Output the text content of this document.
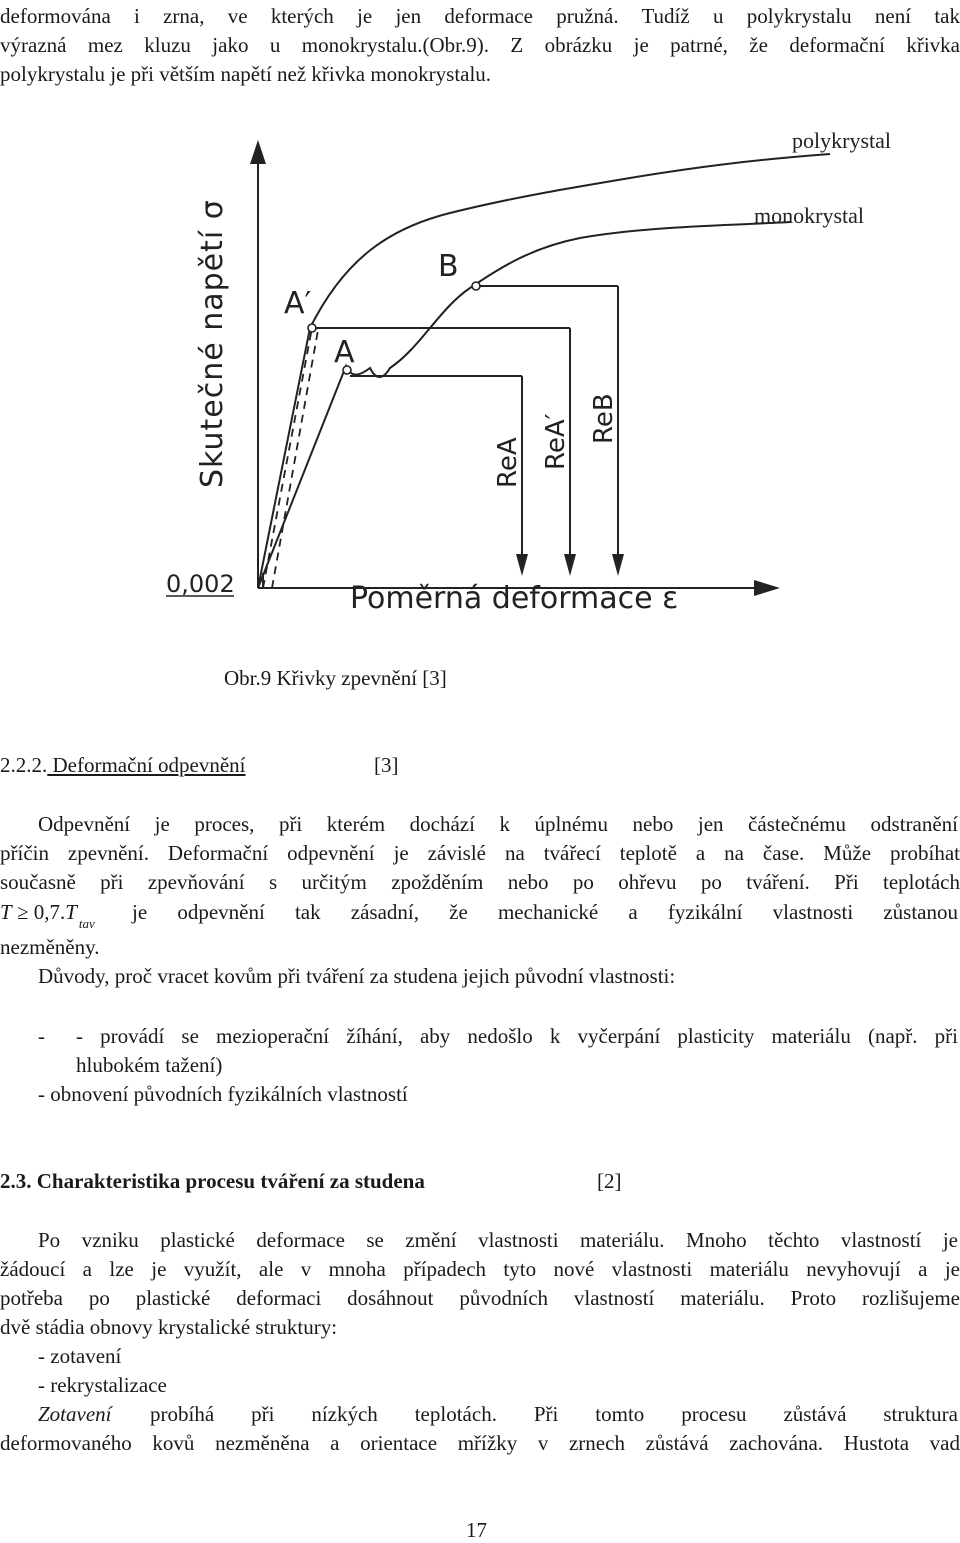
deformována i zrna, ve kterých je jen deformace pružná. Tudíž u polykrystalu není tak
výrazná mez kluzu jako u monokrystalu.(Obr.9). Z obrázku je patrné, že deformační křivka
polykrystalu je při větším napětí než křivka monokrystalu.
Skutečné napětí σ A′
A
B
ReA ReA′ ReB
0,002	Poměrná deformace ε
polykrystal
monokrystal
Obr.9 Křivky zpevnění [3]
2.2.2. Deformační odpevnění	[3]
Odpevnění je proces, při kterém dochází k úplnému nebo jen částečnému odstranění
příčin zpevnění. Deformační odpevnění je závislé na tvářecí teplotě a na čase. Může probíhat
současně při zpevňování s určitým zpožděním nebo po ohřevu po tváření. Při teplotách
T ≥ 0,7.T $_{tav}$ je odpevnění tak zásadní, že mechanické a fyzikální vlastnosti zůstanou
nezměněny.
Důvody, proč vracet kovům při tváření za studena jejich původní vlastnosti:
- - provádí se mezioperační žíhání, aby nedošlo k vyčerpání plasticity materiálu (např. při
hlubokém tažení)
- obnovení původních fyzikálních vlastností
2.3. Charakteristika procesu tváření za studena	[2]
Po vzniku plastické deformace se změní vlastnosti materiálu. Mnoho těchto vlastností je
žádoucí a lze je využít, ale v mnoha případech tyto nové vlastnosti materiálu nevyhovují a je
potřeba po plastické deformaci dosáhnout původních vlastností materiálu. Proto rozlišujeme
dvě stádia obnovy krystalické struktury:
- zotavení
- rekrystalizace
Zotavení probíhá při nízkých teplotách. Při tomto procesu zůstává struktura
deformovaného kovů nezměněna a orientace mřížky v zrnech zůstává zachována. Hustota vad
17
